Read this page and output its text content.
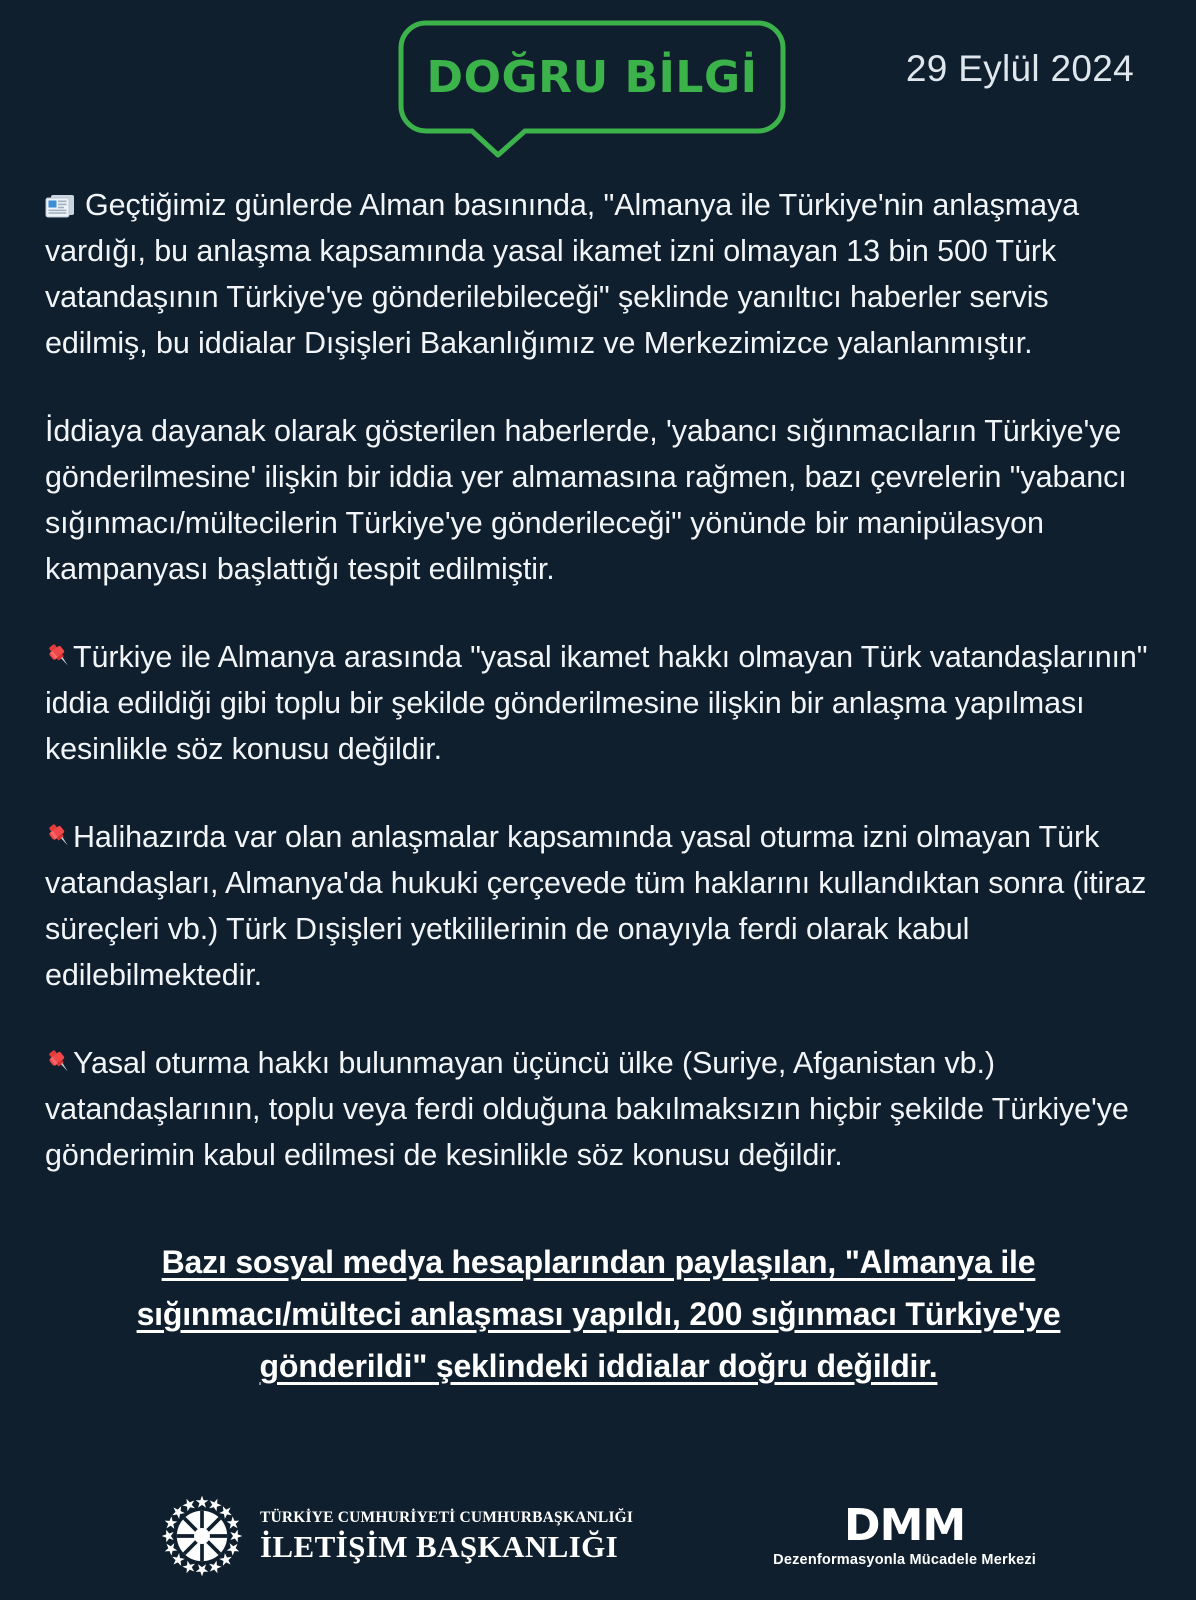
DOĞRU BİLGİ	29 Eylül 2024

Geçtiğimiz günlerde Alman basınında, "Almanya ile Türkiye'nin anlaşmaya vardığı, bu anlaşma kapsamında yasal ikamet izni olmayan 13 bin 500 Türk vatandaşının Türkiye'ye gönderilebileceği" şeklinde yanıltıcı haberler servis edilmiş, bu iddialar Dışişleri Bakanlığımız ve Merkezimizce yalanlanmıştır.

İddiaya dayanak olarak gösterilen haberlerde, 'yabancı sığınmacıların Türkiye'ye gönderilmesine' ilişkin bir iddia yer almamasına rağmen, bazı çevrelerin "yabancı sığınmacı/mültecilerin Türkiye'ye gönderileceği" yönünde bir manipülasyon kampanyası başlattığı tespit edilmiştir.

Türkiye ile Almanya arasında "yasal ikamet hakkı olmayan Türk vatandaşlarının" iddia edildiği gibi toplu bir şekilde gönderilmesine ilişkin bir anlaşma yapılması kesinlikle söz konusu değildir.

Halihazırda var olan anlaşmalar kapsamında yasal oturma izni olmayan Türk vatandaşları, Almanya'da hukuki çerçevede tüm haklarını kullandıktan sonra (itiraz süreçleri vb.) Türk Dışişleri yetkililerinin de onayıyla ferdi olarak kabul edilebilmektedir.

Yasal oturma hakkı bulunmayan üçüncü ülke (Suriye, Afganistan vb.) vatandaşlarının, toplu veya ferdi olduğuna bakılmaksızın hiçbir şekilde Türkiye'ye gönderimin kabul edilmesi de kesinlikle söz konusu değildir.

Bazı sosyal medya hesaplarından paylaşılan, "Almanya ile sığınmacı/mülteci anlaşması yapıldı, 200 sığınmacı Türkiye'ye gönderildi" şeklindeki iddialar doğru değildir.

TÜRKİYE CUMHURİYETİ CUMHURBAŞKANLIĞI
İLETİŞİM BAŞKANLIĞI	DMM
Dezenformasyonla Mücadele Merkezi
